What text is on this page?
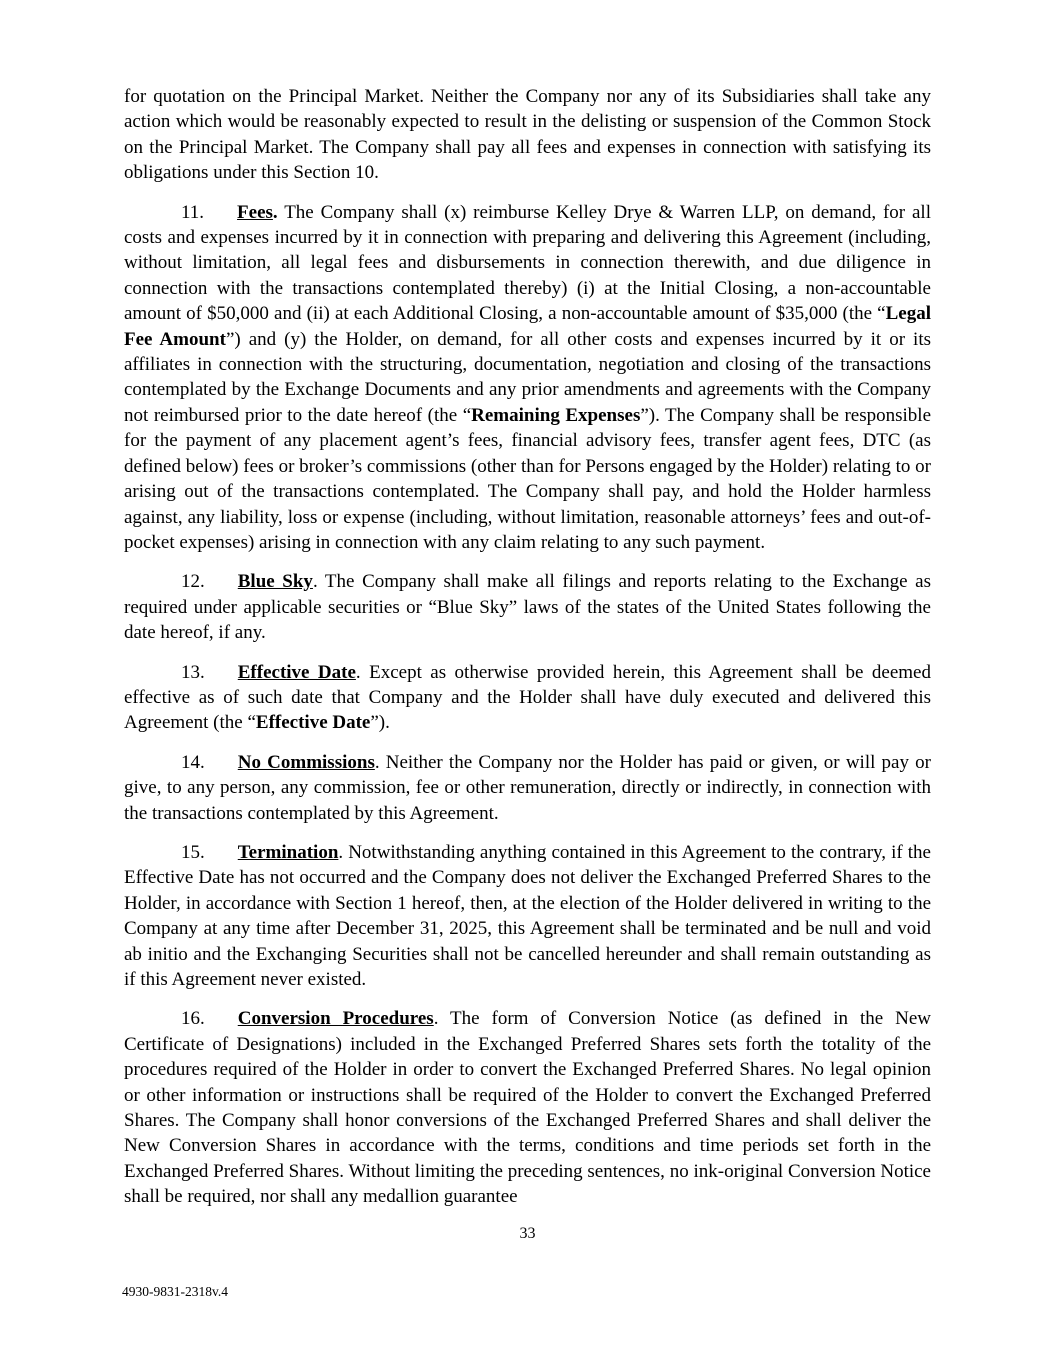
for quotation on the Principal Market. Neither the Company nor any of its Subsidiaries shall take any action which would be reasonably expected to result in the delisting or suspension of the Common Stock on the Principal Market. The Company shall pay all fees and expenses in connection with satisfying its obligations under this Section 10.

11. Fees. The Company shall (x) reimburse Kelley Drye & Warren LLP, on demand, for all costs and expenses incurred by it in connection with preparing and delivering this Agreement (including, without limitation, all legal fees and disbursements in connection therewith, and due diligence in connection with the transactions contemplated thereby) (i) at the Initial Closing, a non-accountable amount of $50,000 and (ii) at each Additional Closing, a non-accountable amount of $35,000 (the “Legal Fee Amount”) and (y) the Holder, on demand, for all other costs and expenses incurred by it or its affiliates in connection with the structuring, documentation, negotiation and closing of the transactions contemplated by the Exchange Documents and any prior amendments and agreements with the Company not reimbursed prior to the date hereof (the “Remaining Expenses”). The Company shall be responsible for the payment of any placement agent’s fees, financial advisory fees, transfer agent fees, DTC (as defined below) fees or broker’s commissions (other than for Persons engaged by the Holder) relating to or arising out of the transactions contemplated. The Company shall pay, and hold the Holder harmless against, any liability, loss or expense (including, without limitation, reasonable attorneys’ fees and out-of-pocket expenses) arising in connection with any claim relating to any such payment.

12. Blue Sky. The Company shall make all filings and reports relating to the Exchange as required under applicable securities or “Blue Sky” laws of the states of the United States following the date hereof, if any.

13. Effective Date. Except as otherwise provided herein, this Agreement shall be deemed effective as of such date that Company and the Holder shall have duly executed and delivered this Agreement (the “Effective Date”).

14. No Commissions. Neither the Company nor the Holder has paid or given, or will pay or give, to any person, any commission, fee or other remuneration, directly or indirectly, in connection with the transactions contemplated by this Agreement.

15. Termination. Notwithstanding anything contained in this Agreement to the contrary, if the Effective Date has not occurred and the Company does not deliver the Exchanged Preferred Shares to the Holder, in accordance with Section 1 hereof, then, at the election of the Holder delivered in writing to the Company at any time after December 31, 2025, this Agreement shall be terminated and be null and void ab initio and the Exchanging Securities shall not be cancelled hereunder and shall remain outstanding as if this Agreement never existed.

16. Conversion Procedures. The form of Conversion Notice (as defined in the New Certificate of Designations) included in the Exchanged Preferred Shares sets forth the totality of the procedures required of the Holder in order to convert the Exchanged Preferred Shares. No legal opinion or other information or instructions shall be required of the Holder to convert the Exchanged Preferred Shares. The Company shall honor conversions of the Exchanged Preferred Shares and shall deliver the New Conversion Shares in accordance with the terms, conditions and time periods set forth in the Exchanged Preferred Shares. Without limiting the preceding sentences, no ink-original Conversion Notice shall be required, nor shall any medallion guarantee

33
4930-9831-2318v.4
